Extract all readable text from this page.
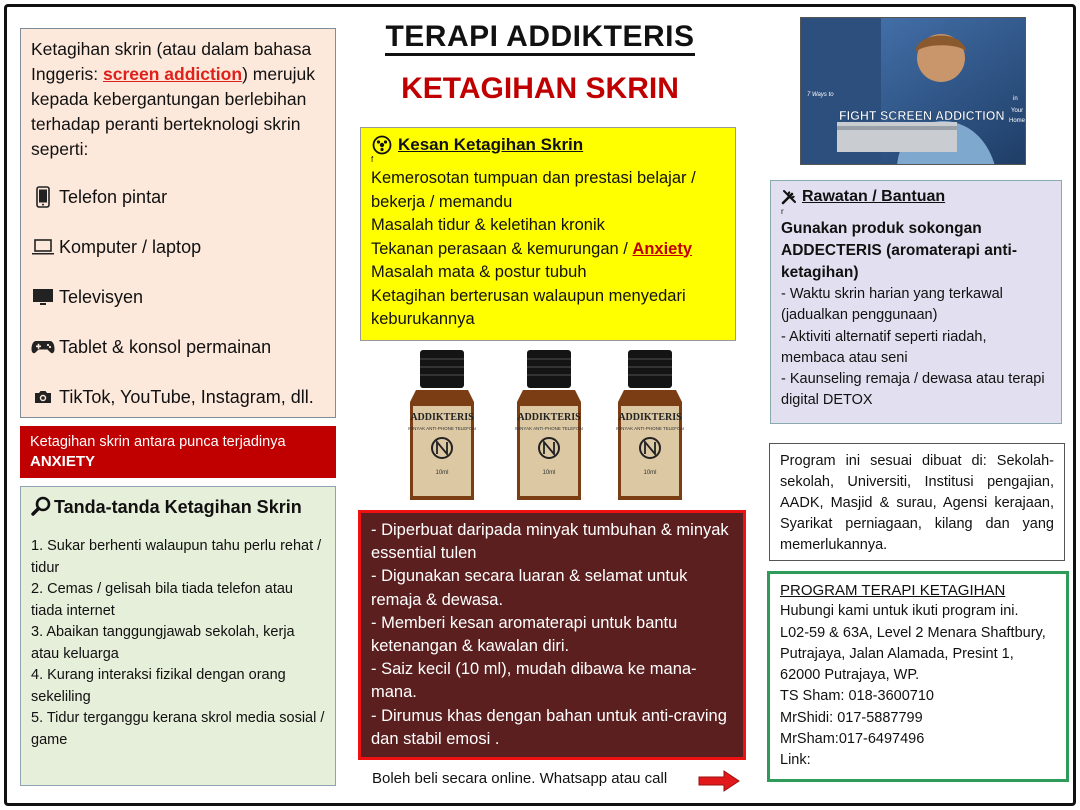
Ketagihan skrin (atau dalam bahasa Inggeris: screen addiction) merujuk kepada kebergantungan berlebihan terhadap peranti berteknologi skrin seperti:

Telefon pintar
Komputer / laptop
Televisyen
Tablet & konsol permainan
TikTok, YouTube, Instagram, dll.
Ketagihan skrin antara punca terjadinya
ANXIETY
Tanda-tanda Ketagihan Skrin
1. Sukar berhenti walaupun tahu perlu rehat / tidur
2. Cemas / gelisah bila tiada telefon atau tiada internet
3. Abaikan tanggungjawab sekolah, kerja atau keluarga
4. Kurang interaksi fizikal dengan orang sekeliling
5. Tidur terganggu kerana skrol media sosial / game
TERAPI ADDIKTERIS
KETAGIHAN SKRIN
Kesan Ketagihan Skrin
f
Kemerosotan tumpuan dan prestasi belajar / bekerja / memandu
Masalah tidur & keletihan kronik
Tekanan perasaan & kemurungan / Anxiety
Masalah mata & postur tubuh
Ketagihan berterusan walaupun menyedari keburukannya
ADDIKTERIS
MINYAK ANTI-PHONE TELEFON
10ml
ADDIKTERIS
MINYAK ANTI-PHONE TELEFON
10ml
ADDIKTERIS
MINYAK ANTI-PHONE TELEFON
10ml
- Diperbuat daripada minyak tumbuhan & minyak essential tulen
- Digunakan secara luaran & selamat untuk remaja & dewasa.
- Memberi kesan aromaterapi untuk bantu ketenangan & kawalan diri.
- Saiz kecil (10 ml), mudah dibawa ke mana-mana.
- Dirumus khas dengan bahan untuk anti-craving dan stabil emosi .
Boleh beli secara online. Whatsapp atau call
7 Ways to
FIGHT SCREEN ADDICTION
in
Your
Home
Rawatan / Bantuan
r
Gunakan produk sokongan ADDECTERIS (aromaterapi anti-ketagihan)
- Waktu skrin harian yang terkawal (jadualkan penggunaan)
- Aktiviti alternatif seperti riadah, membaca atau seni
- Kaunseling remaja / dewasa atau terapi digital DETOX
Program ini sesuai dibuat di: Sekolah-sekolah, Universiti, Institusi pengajian, AADK, Masjid & surau, Agensi kerajaan, Syarikat perniagaan, kilang dan yang memerlukannya.
PROGRAM TERAPI KETAGIHAN
Hubungi kami untuk ikuti program ini.
L02-59 & 63A, Level 2 Menara Shaftbury, Putrajaya, Jalan Alamada, Presint 1, 62000 Putrajaya, WP.
TS Sham: 018-3600710
MrShidi: 017-5887799
MrSham:017-6497496
Link:
